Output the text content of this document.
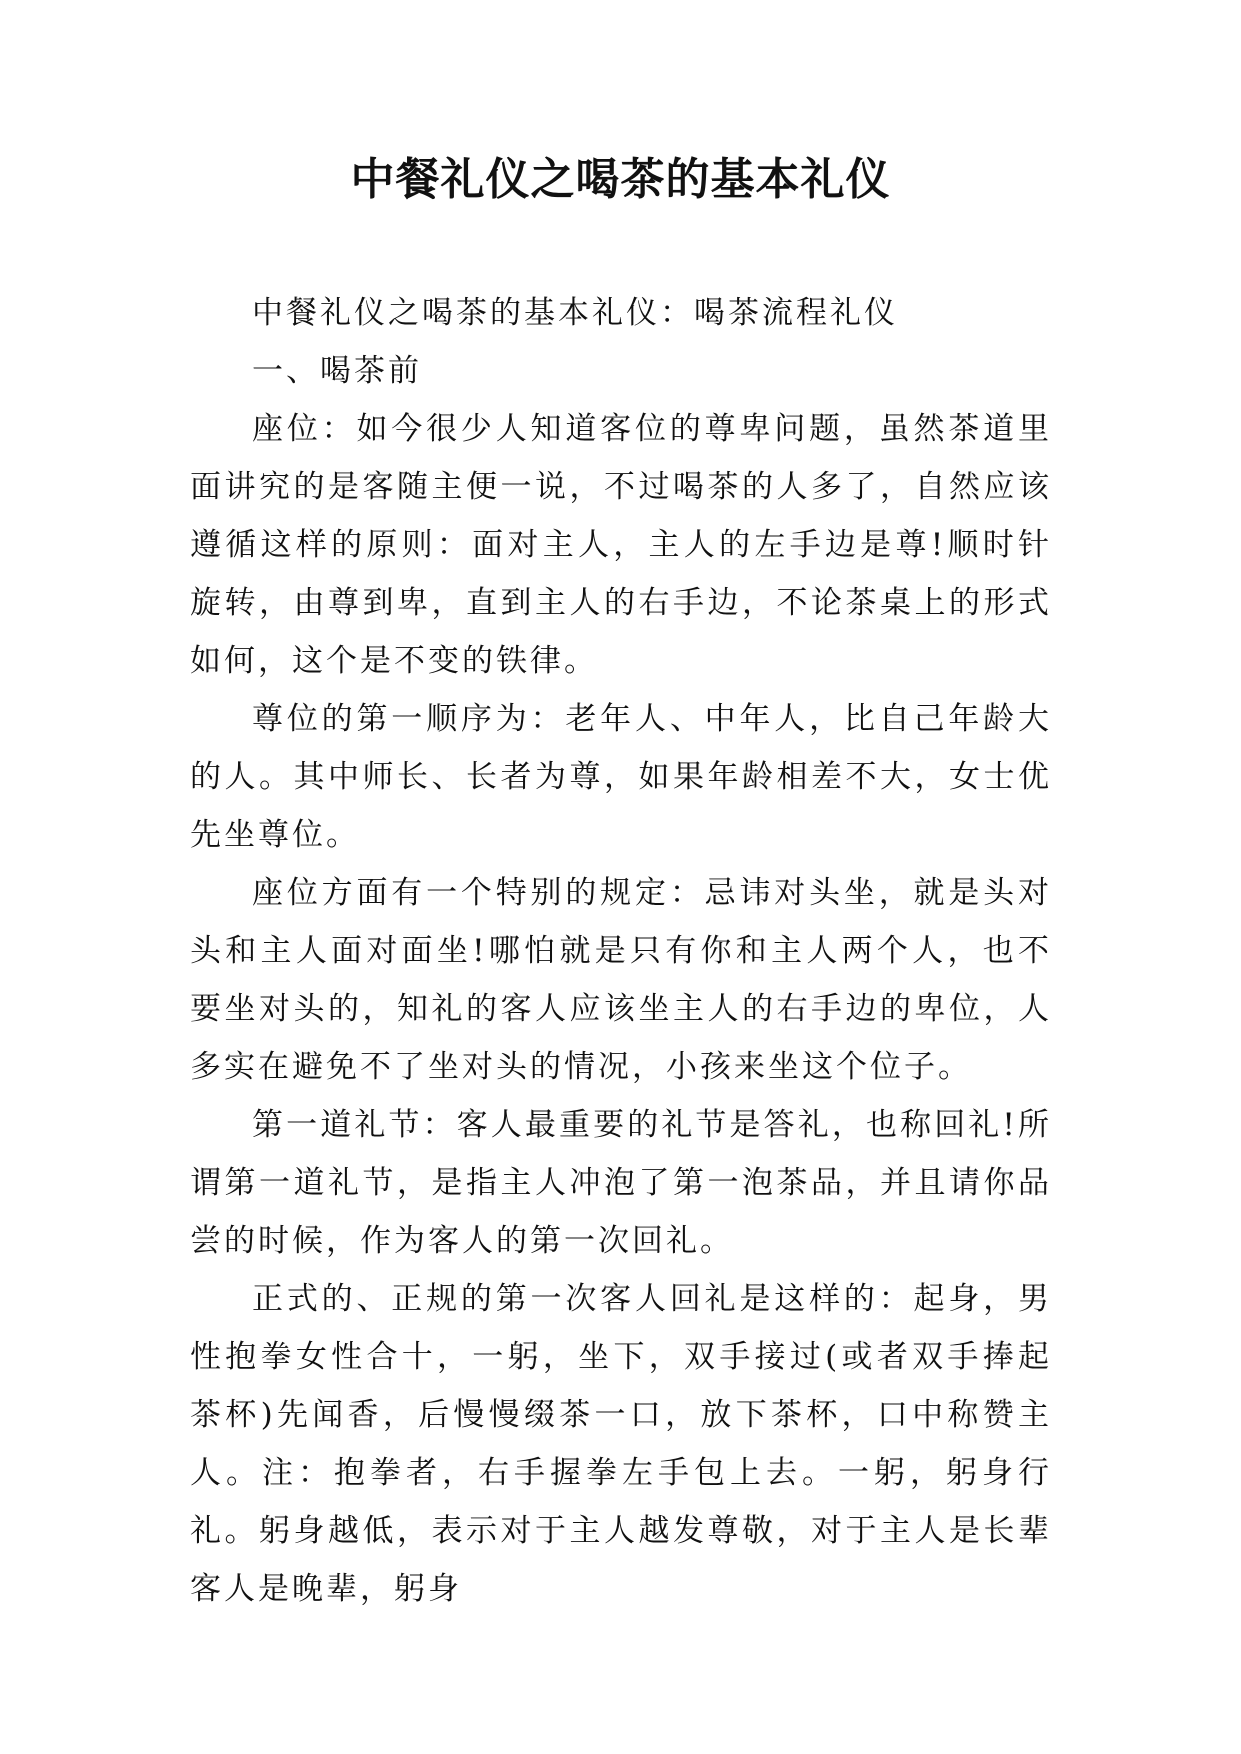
中餐礼仪之喝茶的基本礼仪

中餐礼仪之喝茶的基本礼仪：喝茶流程礼仪

一、喝茶前

座位：如今很少人知道客位的尊卑问题，虽然茶道里面讲究的是客随主便一说，不过喝茶的人多了，自然应该遵循这样的原则：面对主人，主人的左手边是尊!顺时针旋转，由尊到卑，直到主人的右手边，不论茶桌上的形式如何，这个是不变的铁律。

尊位的第一顺序为：老年人、中年人，比自己年龄大的人。其中师长、长者为尊，如果年龄相差不大，女士优先坐尊位。

座位方面有一个特别的规定：忌讳对头坐，就是头对头和主人面对面坐!哪怕就是只有你和主人两个人，也不要坐对头的，知礼的客人应该坐主人的右手边的卑位，人多实在避免不了坐对头的情况，小孩来坐这个位子。

第一道礼节：客人最重要的礼节是答礼，也称回礼!所谓第一道礼节，是指主人冲泡了第一泡茶品，并且请你品尝的时候，作为客人的第一次回礼。

正式的、正规的第一次客人回礼是这样的：起身，男性抱拳女性合十，一躬，坐下，双手接过(或者双手捧起茶杯)先闻香，后慢慢缀茶一口，放下茶杯，口中称赞主人。注：抱拳者，右手握拳左手包上去。一躬，躬身行礼。躬身越低，表示对于主人越发尊敬，对于主人是长辈客人是晚辈，躬身
